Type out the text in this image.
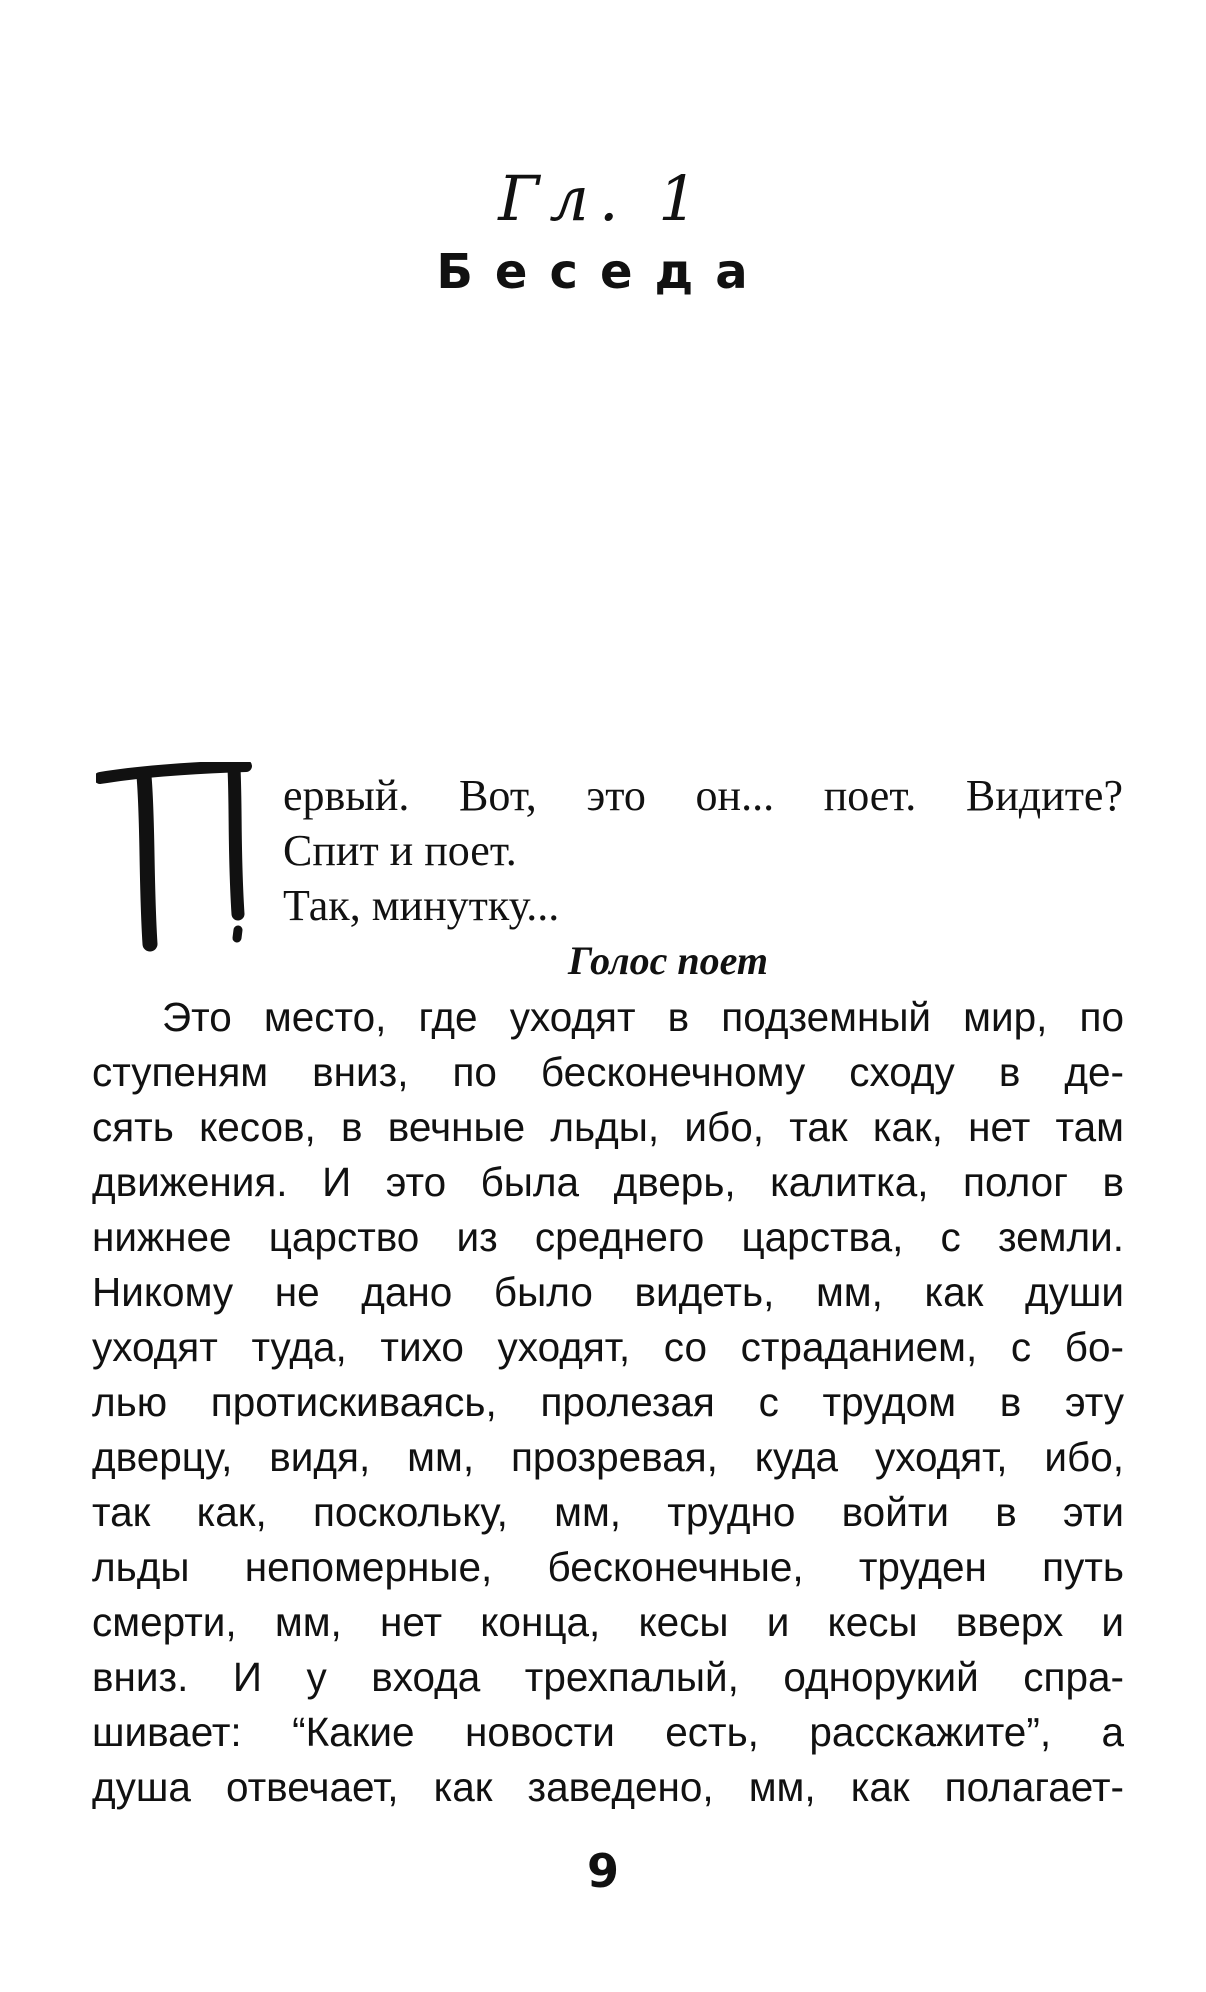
Гл. 1
Беседа
ервый. Вот, это он... поет. Видите?
Спит и поет.
Так, минутку...
Голос поет
Это место, где уходят в подземный мир, по
ступеням вниз, по бесконечному сходу в де-
сять кесов, в вечные льды, ибо, так как, нет там
движения. И это была дверь, калитка, полог в
нижнее царство из среднего царства, с земли.
Никому не дано было видеть, мм, как души
уходят туда, тихо уходят, со страданием, с бо-
лью протискиваясь, пролезая с трудом в эту
дверцу, видя, мм, прозревая, куда уходят, ибо,
так как, поскольку, мм, трудно войти в эти
льды непомерные, бесконечные, труден путь
смерти, мм, нет конца, кесы и кесы вверх и
вниз. И у входа трехпалый, однорукий спра-
шивает: “Какие новости есть, расскажите”, а
душа отвечает, как заведено, мм, как полагает-
9
